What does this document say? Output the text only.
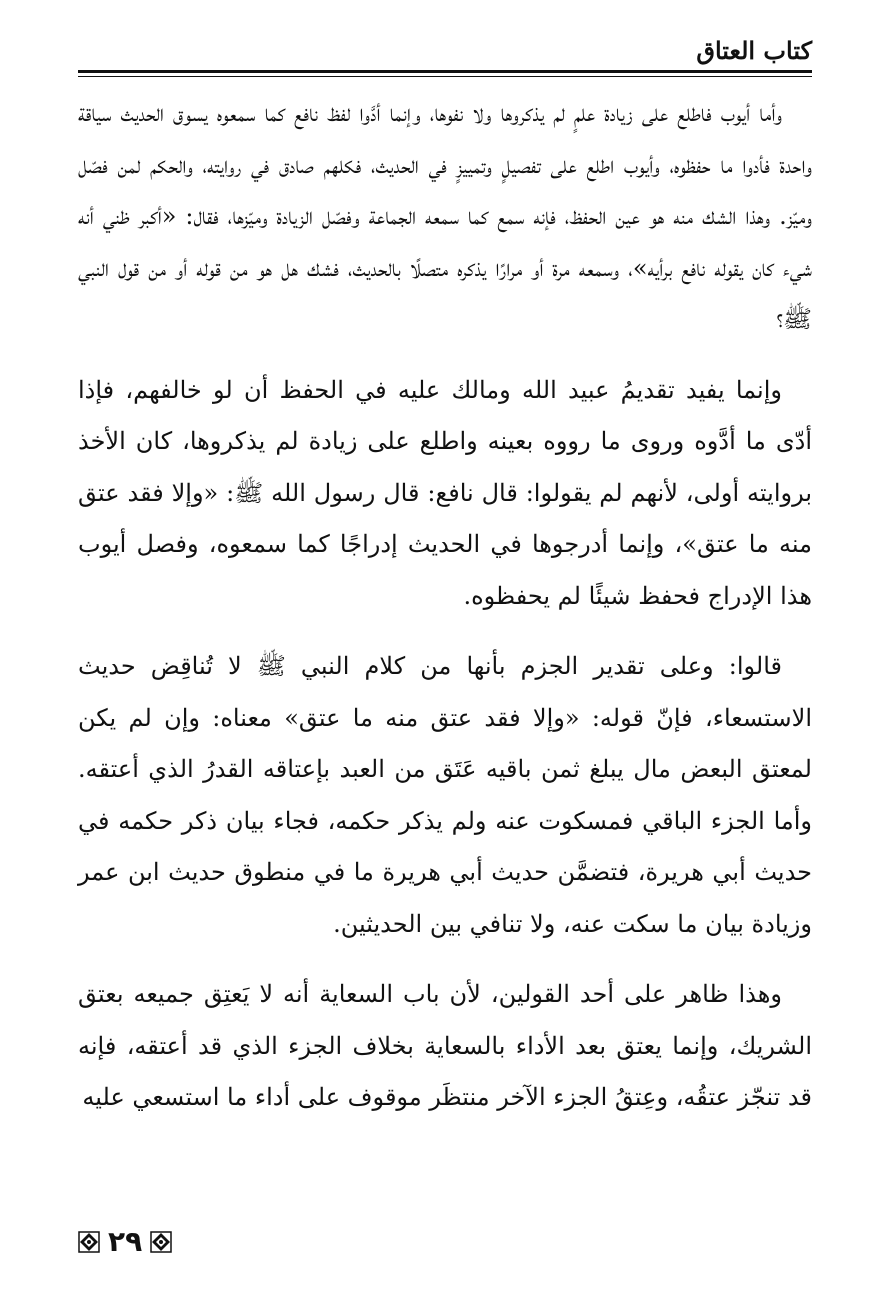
كتاب العتاق

وأما أيوب فاطلع على زيادة علمٍ لم يذكروها ولا نفوها، وإنما أدَّوا لفظ نافع كما سمعوه يسوق الحديث سياقة واحدة فأدوا ما حفظوه، وأيوب اطلع على تفصيلٍ وتمييزٍ في الحديث، فكلهم صادق في روايته، والحكم لمن فصّل وميّز. وهذا الشك منه هو عين الحفظ، فإنه سمع كما سمعه الجماعة وفصّل الزيادة وميّزها، فقال: «أكبر ظني أنه شيء كان يقوله نافع برأيه»، وسمعه مرة أو مرارًا يذكره متصلًا بالحديث، فشك هل هو من قوله أو من قول النبي ﷺ؟

وإنما يفيد تقديمُ عبيد الله ومالك عليه في الحفظ أن لو خالفهم، فإذا أدّى ما أدَّوه وروى ما رووه بعينه واطلع على زيادة لم يذكروها، كان الأخذ بروايته أولى، لأنهم لم يقولوا: قال نافع: قال رسول الله ﷺ: «وإلا فقد عتق منه ما عتق»، وإنما أدرجوها في الحديث إدراجًا كما سمعوه، وفصل أيوب هذا الإدراج فحفظ شيئًا لم يحفظوه.

قالوا: وعلى تقدير الجزم بأنها من كلام النبي ﷺ لا تُناقِض حديث الاستسعاء، فإنّ قوله: «وإلا فقد عتق منه ما عتق» معناه: وإن لم يكن لمعتق البعض مال يبلغ ثمن باقيه عَتَق من العبد بإعتاقه القدرُ الذي أعتقه. وأما الجزء الباقي فمسكوت عنه ولم يذكر حكمه، فجاء بيان ذكر حكمه في حديث أبي هريرة، فتضمَّن حديث أبي هريرة ما في منطوق حديث ابن عمر وزيادة بيان ما سكت عنه، ولا تنافي بين الحديثين.

وهذا ظاهر على أحد القولين، لأن باب السعاية أنه لا يَعتِق جميعه بعتق الشريك، وإنما يعتق بعد الأداء بالسعاية بخلاف الجزء الذي قد أعتقه، فإنه قد تنجّز عتقُه، وعِتقُ الجزء الآخر منتظَر موقوف على أداء ما استسعي عليه

٢٩
